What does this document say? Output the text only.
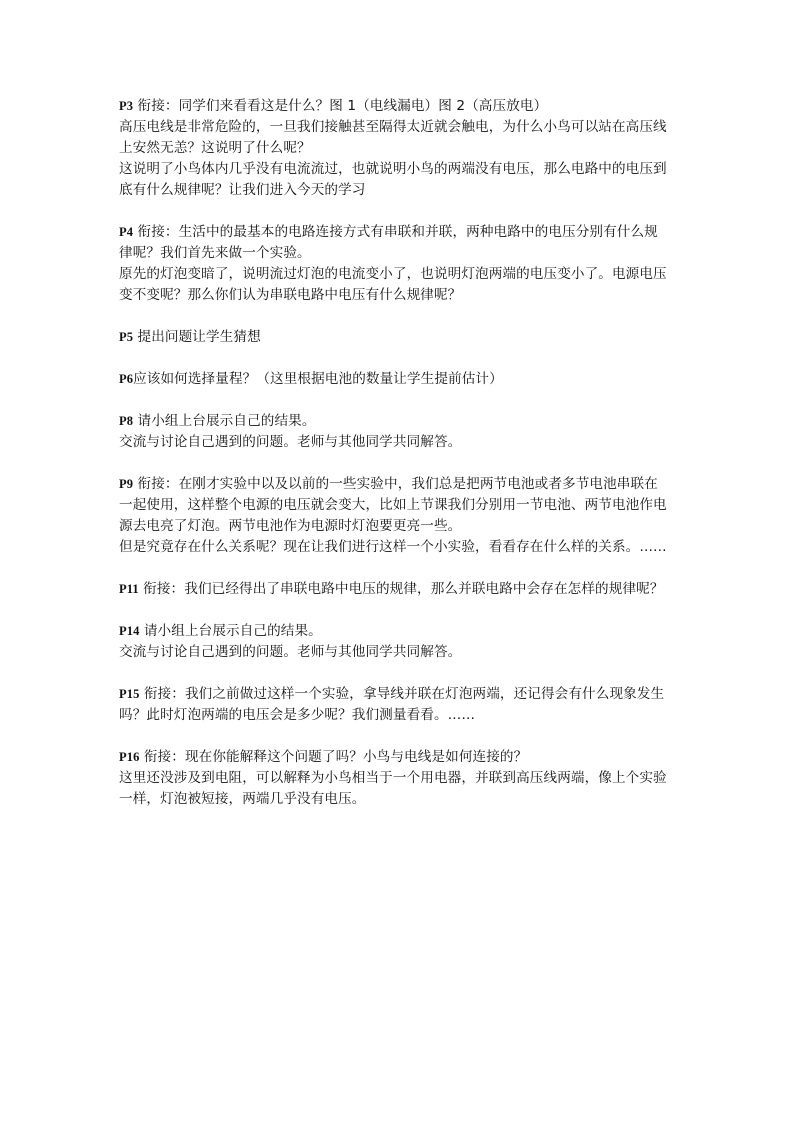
P3 衔接：同学们来看看这是什么？图 1（电线漏电）图 2（高压放电）
高压电线是非常危险的，一旦我们接触甚至隔得太近就会触电，为什么小鸟可以站在高压线
上安然无恙？这说明了什么呢？
这说明了小鸟体内几乎没有电流流过，也就说明小鸟的两端没有电压，那么电路中的电压到
底有什么规律呢？让我们进入今天的学习

P4 衔接：生活中的最基本的电路连接方式有串联和并联，两种电路中的电压分别有什么规
律呢？我们首先来做一个实验。
原先的灯泡变暗了，说明流过灯泡的电流变小了，也说明灯泡两端的电压变小了。电源电压
变不变呢？那么你们认为串联电路中电压有什么规律呢？

P5 提出问题让学生猜想

P6应该如何选择量程？（这里根据电池的数量让学生提前估计）

P8 请小组上台展示自己的结果。
交流与讨论自己遇到的问题。老师与其他同学共同解答。

P9 衔接：在刚才实验中以及以前的一些实验中，我们总是把两节电池或者多节电池串联在
一起使用，这样整个电源的电压就会变大，比如上节课我们分别用一节电池、两节电池作电
源去电亮了灯泡。两节电池作为电源时灯泡要更亮一些。
但是究竟存在什么关系呢？现在让我们进行这样一个小实验，看看存在什么样的关系。……

P11 衔接：我们已经得出了串联电路中电压的规律，那么并联电路中会存在怎样的规律呢？

P14 请小组上台展示自己的结果。
交流与讨论自己遇到的问题。老师与其他同学共同解答。

P15 衔接：我们之前做过这样一个实验，拿导线并联在灯泡两端，还记得会有什么现象发生
吗？此时灯泡两端的电压会是多少呢？我们测量看看。……

P16 衔接：现在你能解释这个问题了吗？小鸟与电线是如何连接的？
这里还没涉及到电阻，可以解释为小鸟相当于一个用电器，并联到高压线两端，像上个实验
一样，灯泡被短接，两端几乎没有电压。
